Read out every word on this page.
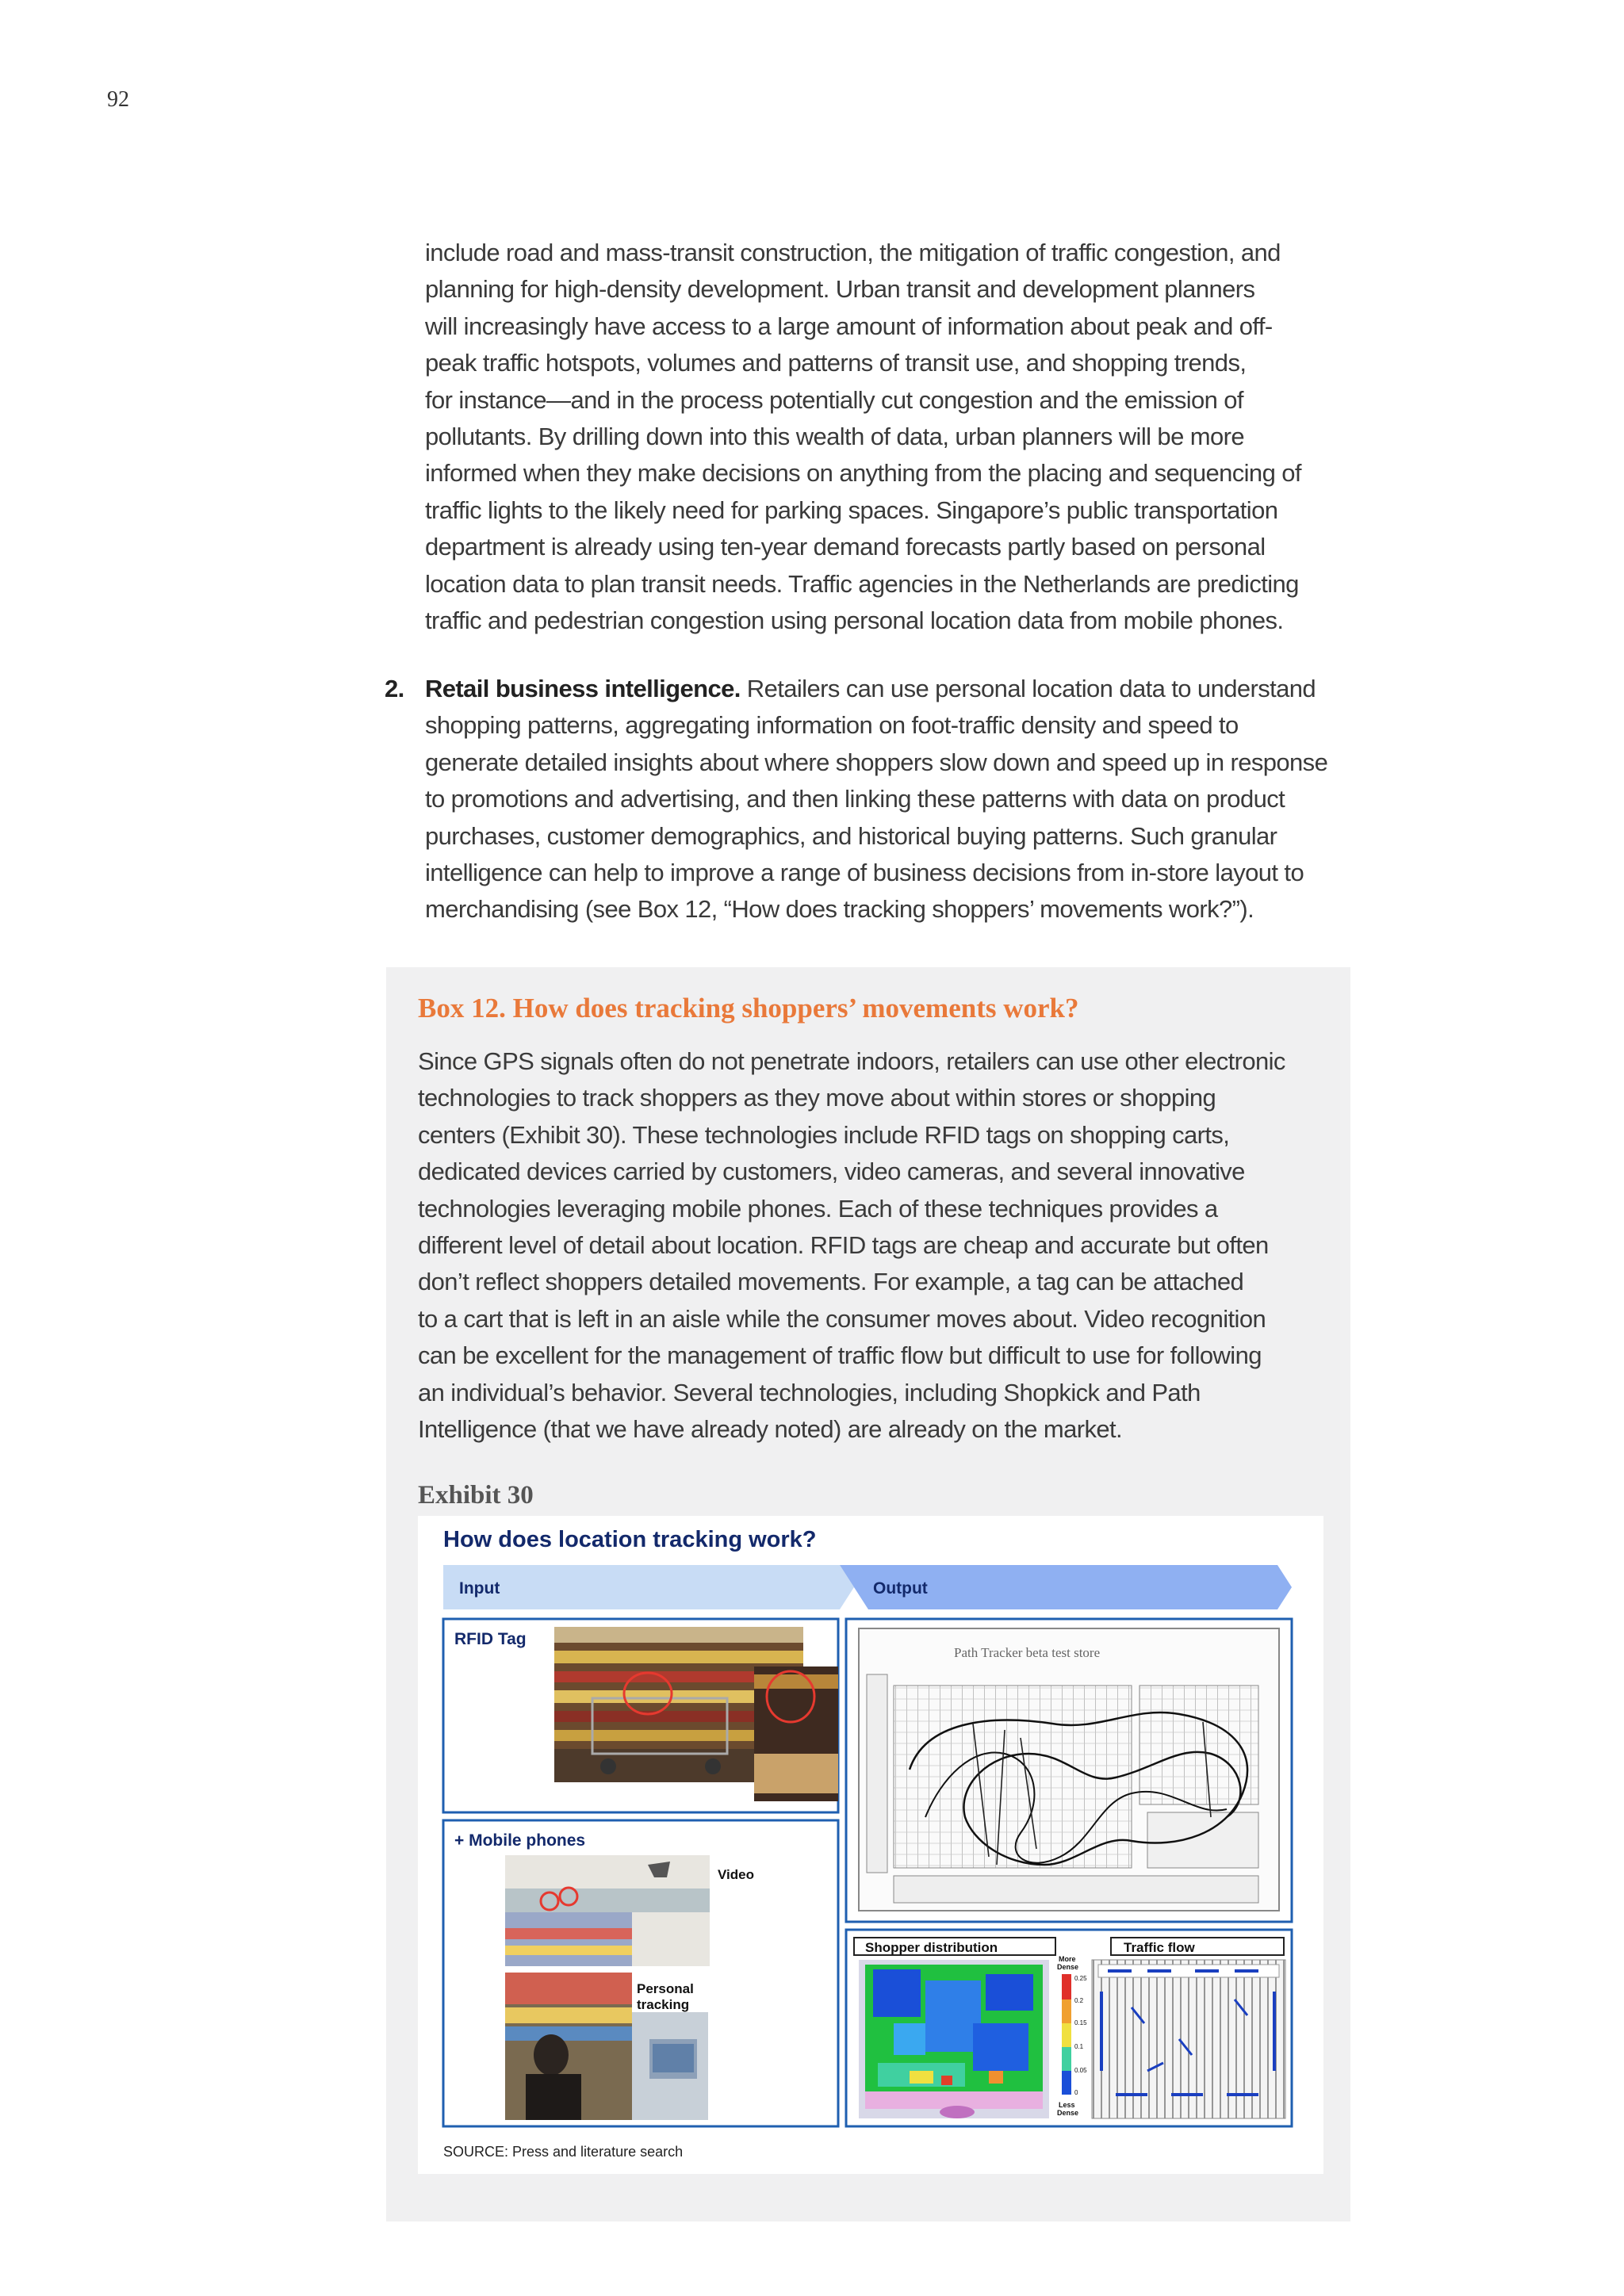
92

include road and mass-transit construction, the mitigation of traffic congestion, and

planning for high-density development. Urban transit and development planners

will increasingly have access to a large amount of information about peak and off-

peak traffic hotspots, volumes and patterns of transit use, and shopping trends,

for instance—and in the process potentially cut congestion and the emission of

pollutants. By drilling down into this wealth of data, urban planners will be more

informed when they make decisions on anything from the placing and sequencing of

traffic lights to the likely need for parking spaces. Singapore’s public transportation

department is already using ten-year demand forecasts partly based on personal

location data to plan transit needs. Traffic agencies in the Netherlands are predicting

traffic and pedestrian congestion using personal location data from mobile phones.

2. Retail business intelligence. Retailers can use personal location data to understand
shopping patterns, aggregating information on foot-traffic density and speed to
generate detailed insights about where shoppers slow down and speed up in response
to promotions and advertising, and then linking these patterns with data on product
purchases, customer demographics, and historical buying patterns. Such granular
intelligence can help to improve a range of business decisions from in-store layout to
merchandising (see Box 12, “How does tracking shoppers’ movements work?”).
Box 12. How does tracking shoppers’ movements work?

Since GPS signals often do not penetrate indoors, retailers can use other electronic

technologies to track shoppers as they move about within stores or shopping

centers (Exhibit 30). These technologies include RFID tags on shopping carts,

dedicated devices carried by customers, video cameras, and several innovative

technologies leveraging mobile phones. Each of these techniques provides a

different level of detail about location. RFID tags are cheap and accurate but often

don’t reflect shoppers detailed movements. For example, a tag can be attached

to a cart that is left in an aisle while the consumer moves about. Video recognition

can be excellent for the management of traffic flow but difficult to use for following

an individual’s behavior. Several technologies, including Shopkick and Path

Intelligence (that we have already noted) are already on the market.

Exhibit 30
How does location tracking work?
Input	Output
RFID Tag
+ Mobile phones
Video
Personal
tracking
Path Tracker beta test store
Shopper distribution	Traffic flow
More
Dense
0.25
0.2
0.15
0.1
0.05
0
Less
Dense
SOURCE: Press and literature search
